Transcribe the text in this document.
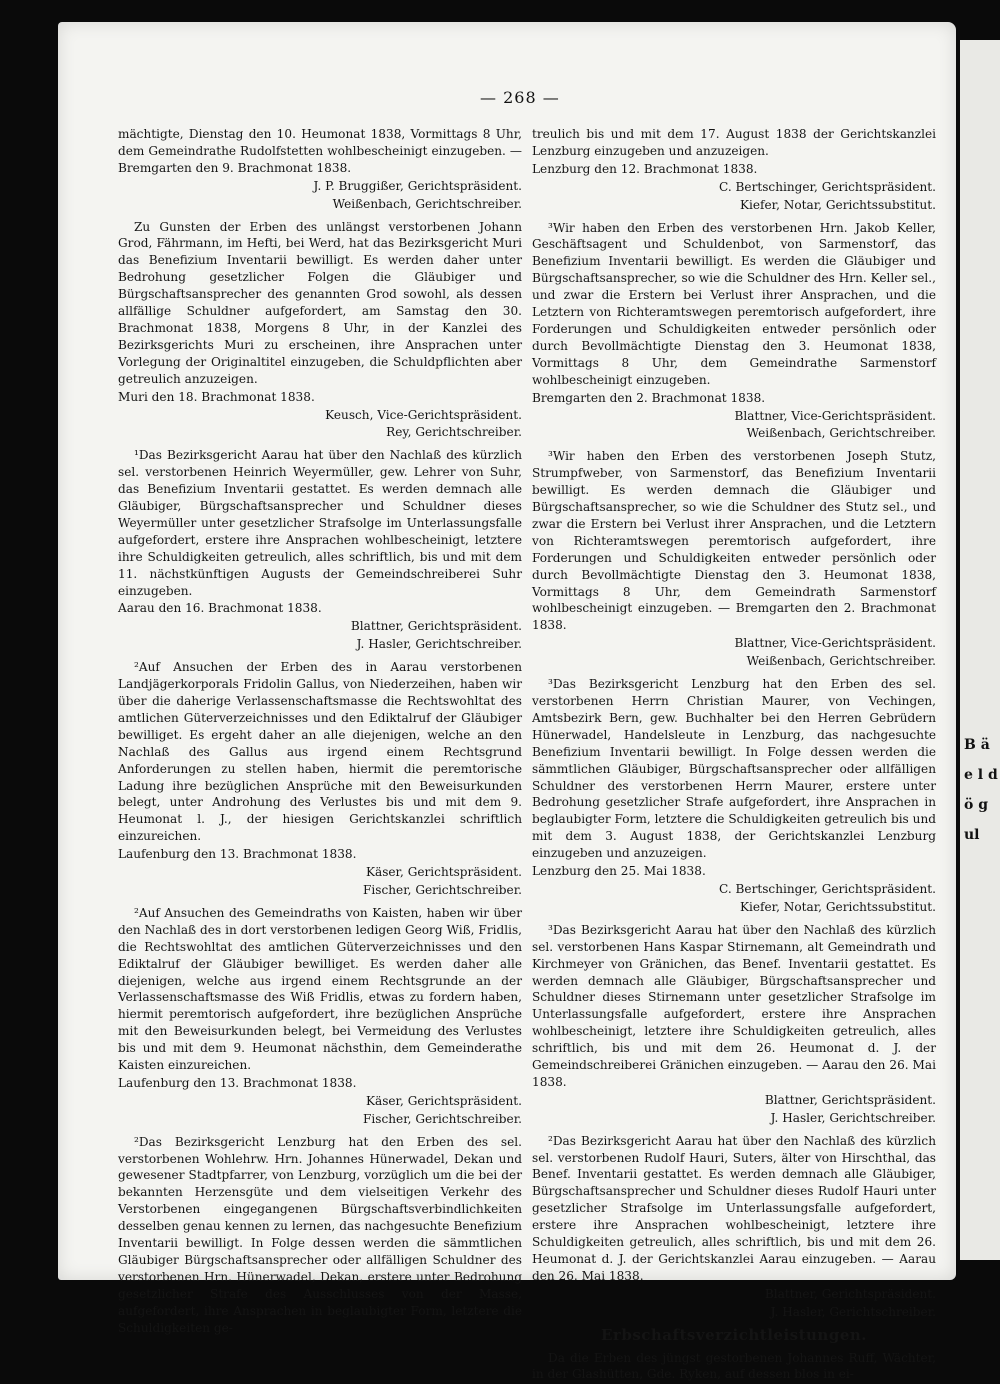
B ä e l d ö g ul
— 268 —

mächtigte, Dienstag den 10. Heumonat 1838, Vormittags 8 Uhr, dem Gemeindrathe Rudolfstetten wohlbescheinigt einzugeben. — Bremgarten den 9. Brachmonat 1838.

J. P. Bruggißer, Gerichtspräsident.

Weißenbach, Gerichtschreiber.

Zu Gunsten der Erben des unlängst verstorbenen Johann Grod, Fährmann, im Hefti, bei Werd, hat das Bezirksgericht Muri das Benefizium Inventarii bewilligt. Es werden daher unter Bedrohung gesetzlicher Folgen die Gläubiger und Bürgschaftsansprecher des genannten Grod sowohl, als dessen allfällige Schuldner aufgefordert, am Samstag den 30. Brachmonat 1838, Morgens 8 Uhr, in der Kanzlei des Bezirksgerichts Muri zu erscheinen, ihre Ansprachen unter Vorlegung der Originaltitel einzugeben, die Schuldpflichten aber getreulich anzuzeigen.

Muri den 18. Brachmonat 1838.

Keusch, Vice-Gerichtspräsident.

Rey, Gerichtschreiber.

¹Das Bezirksgericht Aarau hat über den Nachlaß des kürzlich sel. verstorbenen Heinrich Weyermüller, gew. Lehrer von Suhr, das Benefizium Inventarii gestattet. Es werden demnach alle Gläubiger, Bürgschaftsansprecher und Schuldner dieses Weyermüller unter gesetzlicher Strafsolge im Unterlassungsfalle aufgefordert, erstere ihre Ansprachen wohlbescheinigt, letztere ihre Schuldigkeiten getreulich, alles schriftlich, bis und mit dem 11. nächstkünftigen Augusts der Gemeindschreiberei Suhr einzugeben.

Aarau den 16. Brachmonat 1838.

Blattner, Gerichtspräsident.

J. Hasler, Gerichtschreiber.

²Auf Ansuchen der Erben des in Aarau verstorbenen Landjägerkorporals Fridolin Gallus, von Niederzeihen, haben wir über die daherige Verlassenschaftsmasse die Rechtswohltat des amtlichen Güterverzeichnisses und den Ediktalruf der Gläubiger bewilliget. Es ergeht daher an alle diejenigen, welche an den Nachlaß des Gallus aus irgend einem Rechtsgrund Anforderungen zu stellen haben, hiermit die peremtorische Ladung ihre bezüglichen Ansprüche mit den Beweisurkunden belegt, unter Androhung des Verlustes bis und mit dem 9. Heumonat l. J., der hiesigen Gerichtskanzlei schriftlich einzureichen.

Laufenburg den 13. Brachmonat 1838.

Käser, Gerichtspräsident.

Fischer, Gerichtschreiber.

²Auf Ansuchen des Gemeindraths von Kaisten, haben wir über den Nachlaß des in dort verstorbenen ledigen Georg Wiß, Fridlis, die Rechtswohltat des amtlichen Güterverzeichnisses und den Ediktalruf der Gläubiger bewilliget. Es werden daher alle diejenigen, welche aus irgend einem Rechtsgrunde an der Verlassenschaftsmasse des Wiß Fridlis, etwas zu fordern haben, hiermit peremtorisch aufgefordert, ihre bezüglichen Ansprüche mit den Beweisurkunden belegt, bei Vermeidung des Verlustes bis und mit dem 9. Heumonat nächsthin, dem Gemeinderathe Kaisten einzureichen.

Laufenburg den 13. Brachmonat 1838.

Käser, Gerichtspräsident.

Fischer, Gerichtschreiber.

²Das Bezirksgericht Lenzburg hat den Erben des sel. verstorbenen Wohlehrw. Hrn. Johannes Hünerwadel, Dekan und gewesener Stadtpfarrer, von Lenzburg, vorzüglich um die bei der bekannten Herzensgüte und dem vielseitigen Verkehr des Verstorbenen eingegangenen Bürgschaftsverbindlichkeiten desselben genau kennen zu lernen, das nachgesuchte Benefizium Inventarii bewilligt. In Folge dessen werden die sämmtlichen Gläubiger Bürgschaftsansprecher oder allfälligen Schuldner des verstorbenen Hrn. Hünerwadel, Dekan, erstere unter Bedrohung gesetzlicher Strafe des Ausschlusses von der Masse, aufgefordert, ihre Ansprachen in beglaubigter Form, letztere die Schuldigkeiten ge-

treulich bis und mit dem 17. August 1838 der Gerichtskanzlei Lenzburg einzugeben und anzuzeigen.

Lenzburg den 12. Brachmonat 1838.

C. Bertschinger, Gerichtspräsident.

Kiefer, Notar, Gerichtssubstitut.

³Wir haben den Erben des verstorbenen Hrn. Jakob Keller, Geschäftsagent und Schuldenbot, von Sarmenstorf, das Benefizium Inventarii bewilligt. Es werden die Gläubiger und Bürgschaftsansprecher, so wie die Schuldner des Hrn. Keller sel., und zwar die Erstern bei Verlust ihrer Ansprachen, und die Letztern von Richteramtswegen peremtorisch aufgefordert, ihre Forderungen und Schuldigkeiten entweder persönlich oder durch Bevollmächtigte Dienstag den 3. Heumonat 1838, Vormittags 8 Uhr, dem Gemeindrathe Sarmenstorf wohlbescheinigt einzugeben.

Bremgarten den 2. Brachmonat 1838.

Blattner, Vice-Gerichtspräsident.

Weißenbach, Gerichtschreiber.

³Wir haben den Erben des verstorbenen Joseph Stutz, Strumpfweber, von Sarmenstorf, das Benefizium Inventarii bewilligt. Es werden demnach die Gläubiger und Bürgschaftsansprecher, so wie die Schuldner des Stutz sel., und zwar die Erstern bei Verlust ihrer Ansprachen, und die Letztern von Richteramtswegen peremtorisch aufgefordert, ihre Forderungen und Schuldigkeiten entweder persönlich oder durch Bevollmächtigte Dienstag den 3. Heumonat 1838, Vormittags 8 Uhr, dem Gemeindrath Sarmenstorf wohlbescheinigt einzugeben. — Bremgarten den 2. Brachmonat 1838.

Blattner, Vice-Gerichtspräsident.

Weißenbach, Gerichtschreiber.

³Das Bezirksgericht Lenzburg hat den Erben des sel. verstorbenen Herrn Christian Maurer, von Vechingen, Amtsbezirk Bern, gew. Buchhalter bei den Herren Gebrüdern Hünerwadel, Handelsleute in Lenzburg, das nachgesuchte Benefizium Inventarii bewilligt. In Folge dessen werden die sämmtlichen Gläubiger, Bürgschaftsansprecher oder allfälligen Schuldner des verstorbenen Herrn Maurer, erstere unter Bedrohung gesetzlicher Strafe aufgefordert, ihre Ansprachen in beglaubigter Form, letztere die Schuldigkeiten getreulich bis und mit dem 3. August 1838, der Gerichtskanzlei Lenzburg einzugeben und anzuzeigen.

Lenzburg den 25. Mai 1838.

C. Bertschinger, Gerichtspräsident.

Kiefer, Notar, Gerichtssubstitut.

³Das Bezirksgericht Aarau hat über den Nachlaß des kürzlich sel. verstorbenen Hans Kaspar Stirnemann, alt Gemeindrath und Kirchmeyer von Gränichen, das Benef. Inventarii gestattet. Es werden demnach alle Gläubiger, Bürgschaftsansprecher und Schuldner dieses Stirnemann unter gesetzlicher Strafsolge im Unterlassungsfalle aufgefordert, erstere ihre Ansprachen wohlbescheinigt, letztere ihre Schuldigkeiten getreulich, alles schriftlich, bis und mit dem 26. Heumonat d. J. der Gemeindschreiberei Gränichen einzugeben. — Aarau den 26. Mai 1838.

Blattner, Gerichtspräsident.

J. Hasler, Gerichtschreiber.

²Das Bezirksgericht Aarau hat über den Nachlaß des kürzlich sel. verstorbenen Rudolf Hauri, Suters, älter von Hirschthal, das Benef. Inventarii gestattet. Es werden demnach alle Gläubiger, Bürgschaftsansprecher und Schuldner dieses Rudolf Hauri unter gesetzlicher Strafsolge im Unterlassungsfalle aufgefordert, erstere ihre Ansprachen wohlbescheinigt, letztere ihre Schuldigkeiten getreulich, alles schriftlich, bis und mit dem 26. Heumonat d. J. der Gerichtskanzlei Aarau einzugeben. — Aarau den 26. Mai 1838.

Blattner, Gerichtspräsident.

J. Hasler, Gerichtschreiber.

Erbschaftsverzichtleistungen.

Da die Erben des jüngst gestorbenen Johannes Ruff, Wächter, in der Glashütten, Gde. Ryken, auf dessen blos in ei-
